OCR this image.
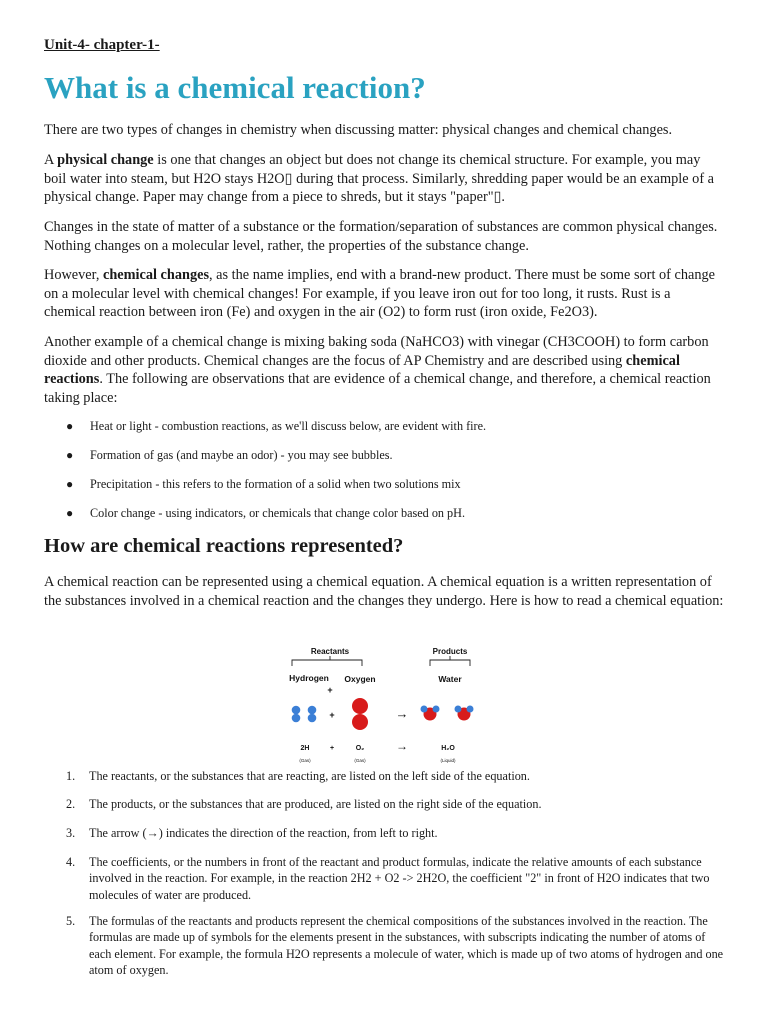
Unit-4- chapter-1-

What is a chemical reaction?

There are two types of changes in chemistry when discussing matter: physical changes and chemical changes.

A physical change is one that changes an object but does not change its chemical structure. For example, you may boil water into steam, but H2O stays H2O▯ during that process. Similarly, shredding paper would be an example of a physical change. Paper may change from a piece to shreds, but it stays "paper"▯.

Changes in the state of matter of a substance or the formation/separation of substances are common physical changes. Nothing changes on a molecular level, rather, the properties of the substance change.

However, chemical changes, as the name implies, end with a brand-new product. There must be some sort of change on a molecular level with chemical changes! For example, if you leave iron out for too long, it rusts. Rust is a chemical reaction between iron (Fe) and oxygen in the air (O2) to form rust (iron oxide, Fe2O3).

Another example of a chemical change is mixing baking soda (NaHCO3) with vinegar (CH3COOH) to form carbon dioxide and other products. Chemical changes are the focus of AP Chemistry and are described using chemical reactions. The following are observations that are evidence of a chemical change, and therefore, a chemical reaction taking place:

● Heat or light - combustion reactions, as we'll discuss below, are evident with fire.
● Formation of gas (and maybe an odor) - you may see bubbles.
● Precipitation - this refers to the formation of a solid when two solutions mix
● Color change - using indicators, or chemicals that change color based on pH.
How are chemical reactions represented?

A chemical reaction can be represented using a chemical equation. A chemical equation is a written representation of the substances involved in a chemical reaction and the changes they undergo. Here is how to read a chemical equation:

Reactants	Products
Hydrogen Oxygen
+
Water
+	→
2H	+	O₂	→	H₂O
(Gas)	(Gas)	(Liquid)
1. The reactants, or the substances that are reacting, are listed on the left side of the equation.
2. The products, or the substances that are produced, are listed on the right side of the equation.
3. The arrow (→) indicates the direction of the reaction, from left to right.
4. The coefficients, or the numbers in front of the reactant and product formulas, indicate the relative amounts of each substance involved in the reaction. For example, in the reaction 2H2 + O2 -> 2H2O, the coefficient "2" in front of H2O indicates that two molecules of water are produced.
5. The formulas of the reactants and products represent the chemical compositions of the substances involved in the reaction. The formulas are made up of symbols for the elements present in the substances, with subscripts indicating the number of atoms of each element. For example, the formula H2O represents a molecule of water, which is made up of two atoms of hydrogen and one atom of oxygen.
